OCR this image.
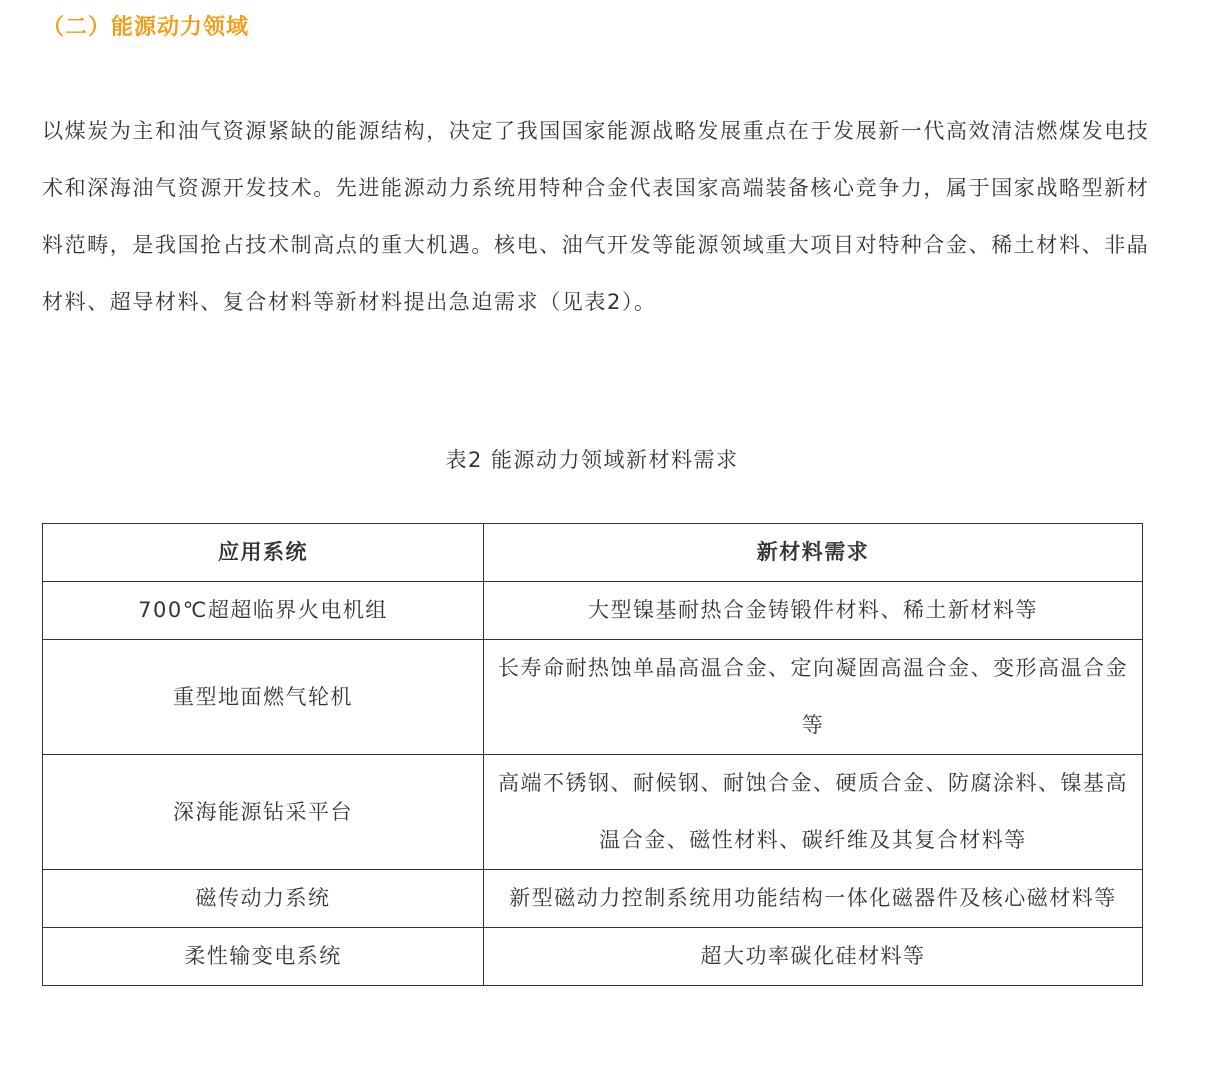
（二）能源动力领域

以煤炭为主和油气资源紧缺的能源结构，决定了我国国家能源战略发展重点在于发展新一代高效清洁燃煤发电技术和深海油气资源开发技术。先进能源动力系统用特种合金代表国家高端装备核心竞争力，属于国家战略型新材料范畴，是我国抢占技术制高点的重大机遇。核电、油气开发等能源领域重大项目对特种合金、稀土材料、非晶材料、超导材料、复合材料等新材料提出急迫需求（见表2）。

表2 能源动力领域新材料需求
应用系统	新材料需求
700℃超超临界火电机组	大型镍基耐热合金铸锻件材料、稀土新材料等
重型地面燃气轮机	长寿命耐热蚀单晶高温合金、定向凝固高温合金、变形高温合金等
深海能源钻采平台	高端不锈钢、耐候钢、耐蚀合金、硬质合金、防腐涂料、镍基高温合金、磁性材料、碳纤维及其复合材料等
磁传动力系统	新型磁动力控制系统用功能结构一体化磁器件及核心磁材料等
柔性输变电系统	超大功率碳化硅材料等
